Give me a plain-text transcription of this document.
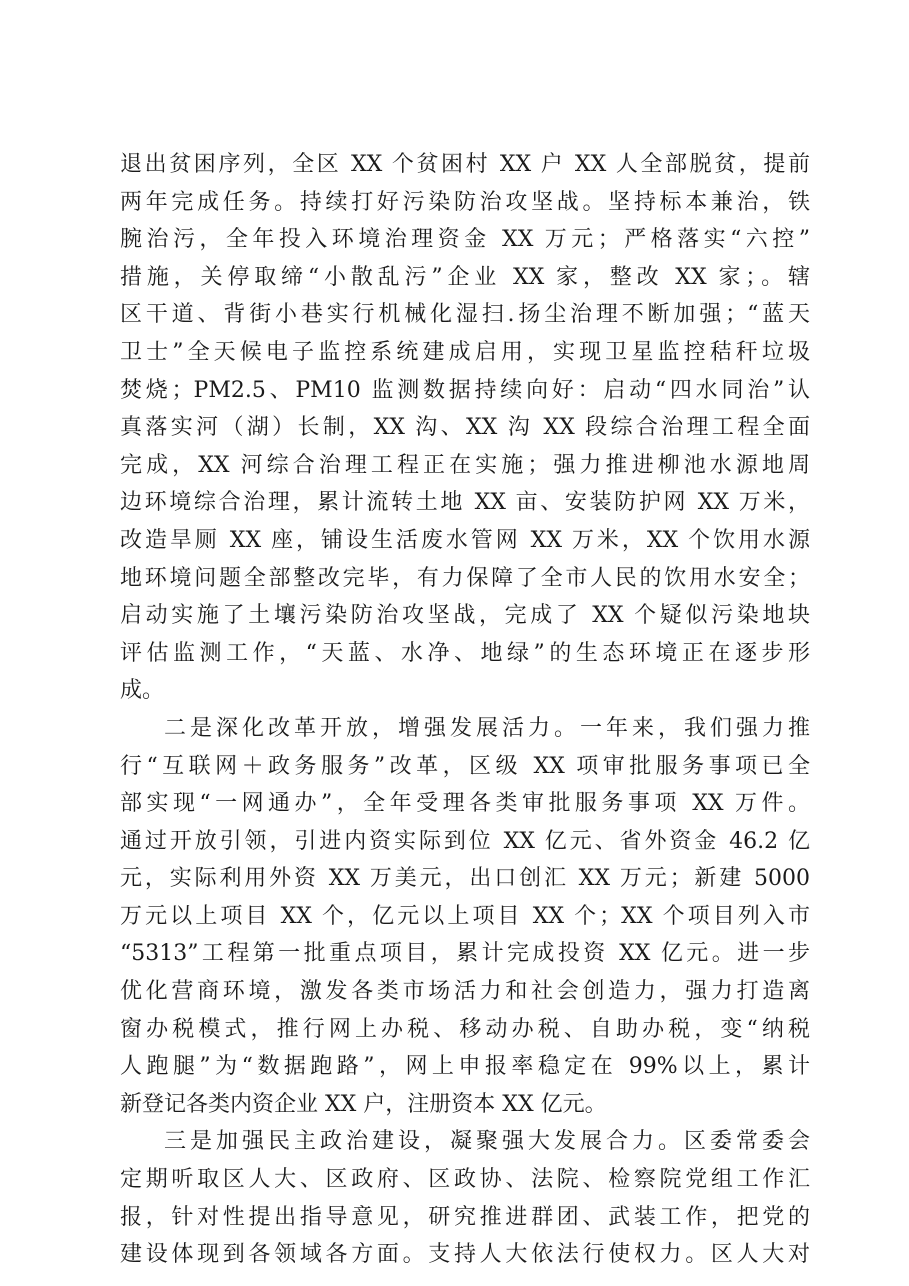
退出贫困序列，全区 XX 个贫困村 XX 户 XX 人全部脱贫，提前
两年完成任务。持续打好污染防治攻坚战。坚持标本兼治，铁
腕治污，全年投入环境治理资金 XX 万元；严格落实“六控”
措施，关停取缔“小散乱污”企业 XX 家，整改 XX 家；。辖
区干道、背街小巷实行机械化湿扫.扬尘治理不断加强；“蓝天
卫士”全天候电子监控系统建成启用，实现卫星监控秸秆垃圾
焚烧；PM2.5、PM10 监测数据持续向好：启动“四水同治”认
真落实河（湖）长制，XX 沟、XX 沟 XX 段综合治理工程全面
完成，XX 河综合治理工程正在实施；强力推进柳池水源地周
边环境综合治理，累计流转土地 XX 亩、安装防护网 XX 万米，
改造旱厕 XX 座，铺设生活废水管网 XX 万米，XX 个饮用水源
地环境问题全部整改完毕，有力保障了全市人民的饮用水安全；
启动实施了土壤污染防治攻坚战，完成了 XX 个疑似污染地块
评估监测工作，“天蓝、水净、地绿”的生态环境正在逐步形
成。
二是深化改革开放，增强发展活力。一年来，我们强力推
行“互联网＋政务服务”改革，区级 XX 项审批服务事项已全
部实现“一网通办”，全年受理各类审批服务事项 XX 万件。
通过开放引领，引进内资实际到位 XX 亿元、省外资金 46.2 亿
元，实际利用外资 XX 万美元，出口创汇 XX 万元；新建 5000
万元以上项目 XX 个，亿元以上项目 XX 个；XX 个项目列入市
“5313”工程第一批重点项目，累计完成投资 XX 亿元。进一步
优化营商环境，激发各类市场活力和社会创造力，强力打造离
窗办税模式，推行网上办税、移动办税、自助办税，变“纳税
人跑腿”为“数据跑路”，网上申报率稳定在 99%以上，累计
新登记各类内资企业 XX 户，注册资本 XX 亿元。
三是加强民主政治建设，凝聚强大发展合力。区委常委会
定期听取区人大、区政府、区政协、法院、检察院党组工作汇
报，针对性提出指导意见，研究推进群团、武装工作，把党的
建设体现到各领域各方面。支持人大依法行使权力。区人大对
